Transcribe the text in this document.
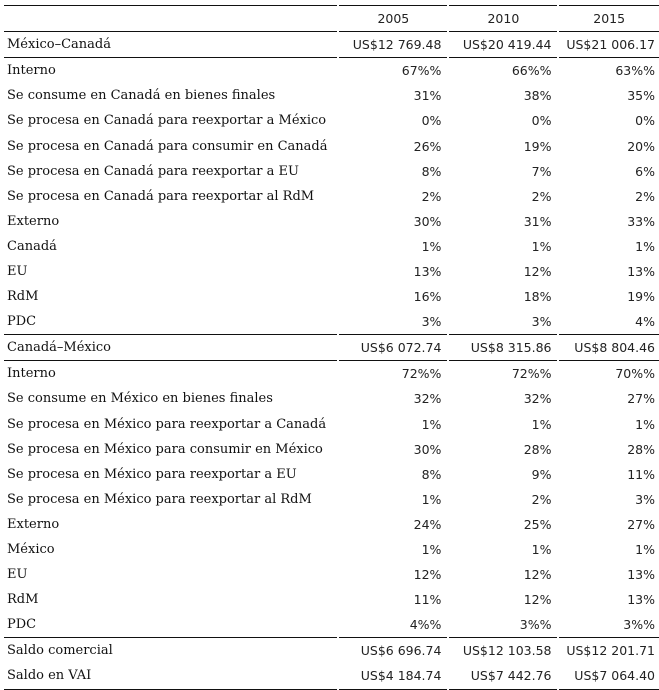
		2005		2010		2015
México–Canadá		US$12 769.48		US$20 419.44		US$21 006.17
Interno		67%%		66%%		63%%
Se consume en Canadá en bienes finales		31%		38%		35%
Se procesa en Canadá para reexportar a México		0%		0%		0%
Se procesa en Canadá para consumir en Canadá		26%		19%		20%
Se procesa en Canadá para reexportar a EU		8%		7%		6%
Se procesa en Canadá para reexportar al RdM		2%		2%		2%
Externo		30%		31%		33%
Canadá		1%		1%		1%
EU		13%		12%		13%
RdM		16%		18%		19%
PDC		3%		3%		4%
Canadá–México		US$6 072.74		US$8 315.86		US$8 804.46
Interno		72%%		72%%		70%%
Se consume en México en bienes finales		32%		32%		27%
Se procesa en México para reexportar a Canadá		1%		1%		1%
Se procesa en México para consumir en México		30%		28%		28%
Se procesa en México para reexportar a EU		8%		9%		11%
Se procesa en México para reexportar al RdM		1%		2%		3%
Externo		24%		25%		27%
México		1%		1%		1%
EU		12%		12%		13%
RdM		11%		12%		13%
PDC		4%%		3%%		3%%
Saldo comercial		US$6 696.74		US$12 103.58		US$12 201.71
Saldo en VAI		US$4 184.74		US$7 442.76		US$7 064.40
